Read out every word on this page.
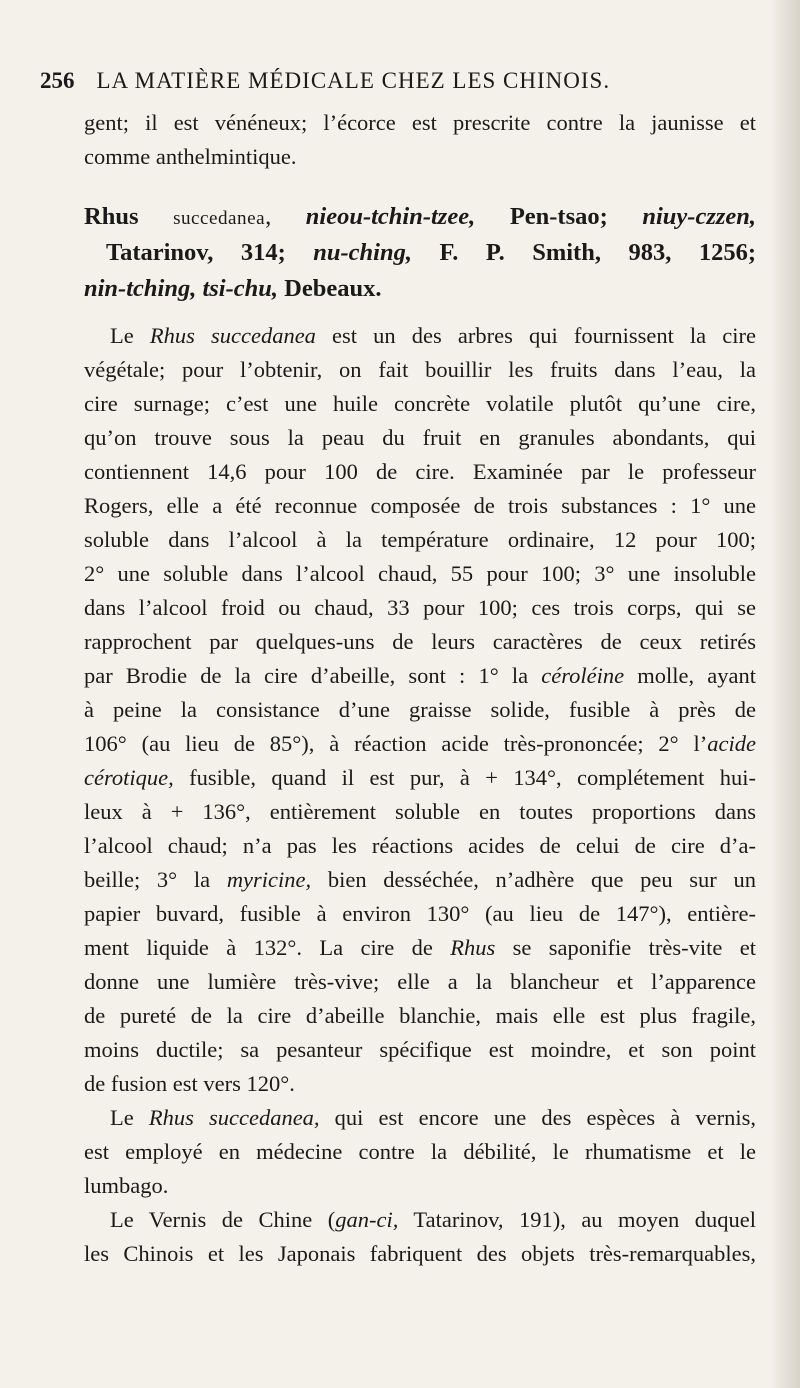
256 LA MATIÈRE MÉDICALE CHEZ LES CHINOIS.
gent; il est vénéneux; l’écorce est prescrite contre la jaunisse et
comme anthelmintique.
Rhus succedanea, nieou-tchin-tzee, Pen-tsao; niuy-czzen,
Tatarinov, 314; nu-ching, F. P. Smith, 983, 1256;
nin-tching, tsi-chu, Debeaux.
Le Rhus succedanea est un des arbres qui fournissent la cire
végétale; pour l’obtenir, on fait bouillir les fruits dans l’eau, la
cire surnage; c’est une huile concrète volatile plutôt qu’une cire,
qu’on trouve sous la peau du fruit en granules abondants, qui
contiennent 14,6 pour 100 de cire. Examinée par le professeur
Rogers, elle a été reconnue composée de trois substances : 1° une
soluble dans l’alcool à la température ordinaire, 12 pour 100;
2° une soluble dans l’alcool chaud, 55 pour 100; 3° une insoluble
dans l’alcool froid ou chaud, 33 pour 100; ces trois corps, qui se
rapprochent par quelques-uns de leurs caractères de ceux retirés
par Brodie de la cire d’abeille, sont : 1° la céroléine molle, ayant
à peine la consistance d’une graisse solide, fusible à près de
106° (au lieu de 85°), à réaction acide très-prononcée; 2° l’acide
cérotique, fusible, quand il est pur, à + 134°, complétement hui-
leux à + 136°, entièrement soluble en toutes proportions dans
l’alcool chaud; n’a pas les réactions acides de celui de cire d’a-
beille; 3° la myricine, bien desséchée, n’adhère que peu sur un
papier buvard, fusible à environ 130° (au lieu de 147°), entière-
ment liquide à 132°. La cire de Rhus se saponifie très-vite et
donne une lumière très-vive; elle a la blancheur et l’apparence
de pureté de la cire d’abeille blanchie, mais elle est plus fragile,
moins ductile; sa pesanteur spécifique est moindre, et son point
de fusion est vers 120°.
Le Rhus succedanea, qui est encore une des espèces à vernis,
est employé en médecine contre la débilité, le rhumatisme et le
lumbago.
Le Vernis de Chine (gan-ci, Tatarinov, 191), au moyen duquel
les Chinois et les Japonais fabriquent des objets très-remarquables,
